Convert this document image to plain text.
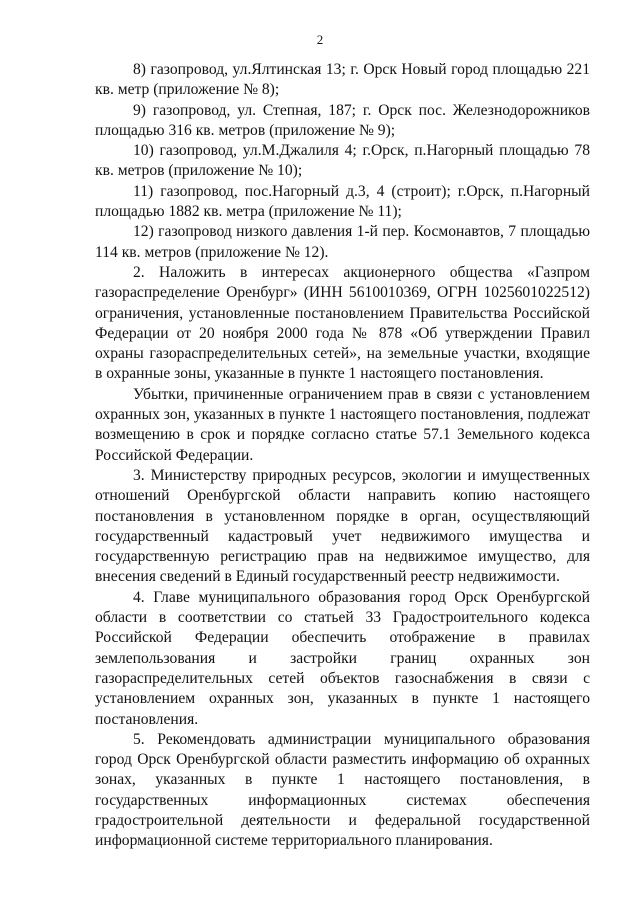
2

8) газопровод, ул.Ялтинская 13; г. Орск Новый город площадью 221 кв. метр (приложение № 8);

9) газопровод, ул. Степная, 187; г. Орск пос. Железнодорожников площадью 316 кв. метров (приложение № 9);

10) газопровод, ул.М.Джалиля 4; г.Орск, п.Нагорный площадью 78 кв. метров (приложение № 10);

11) газопровод, пос.Нагорный д.3, 4 (строит); г.Орск, п.Нагорный площадью 1882 кв. метра (приложение № 11);

12) газопровод низкого давления 1-й пер. Космонавтов, 7 площадью 114 кв. метров (приложение № 12).

2. Наложить в интересах акционерного общества «Газпром газораспределение Оренбург» (ИНН 5610010369, ОГРН 1025601022512) ограничения, установленные постановлением Правительства Российской Федерации от 20 ноября 2000 года № 878 «Об утверждении Правил охраны газораспределительных сетей», на земельные участки, входящие в охранные зоны, указанные в пункте 1 настоящего постановления.

Убытки, причиненные ограничением прав в связи с установлением охранных зон, указанных в пункте 1 настоящего постановления, подлежат возмещению в срок и порядке согласно статье 57.1 Земельного кодекса Российской Федерации.

3. Министерству природных ресурсов, экологии и имущественных отношений Оренбургской области направить копию настоящего постановления в установленном порядке в орган, осуществляющий государственный кадастровый учет недвижимого имущества и государственную регистрацию прав на недвижимое имущество, для внесения сведений в Единый государственный реестр недвижимости.

4. Главе муниципального образования город Орск Оренбургской области в соответствии со статьей 33 Градостроительного кодекса Российской Федерации обеспечить отображение в правилах землепользования и застройки границ охранных зон газораспределительных сетей объектов газоснабжения в связи с установлением охранных зон, указанных в пункте 1 настоящего постановления.

5. Рекомендовать администрации муниципального образования город Орск Оренбургской области разместить информацию об охранных зонах, указанных в пункте 1 настоящего постановления, в государственных информационных системах обеспечения градостроительной деятельности и федеральной государственной информационной системе территориального планирования.
